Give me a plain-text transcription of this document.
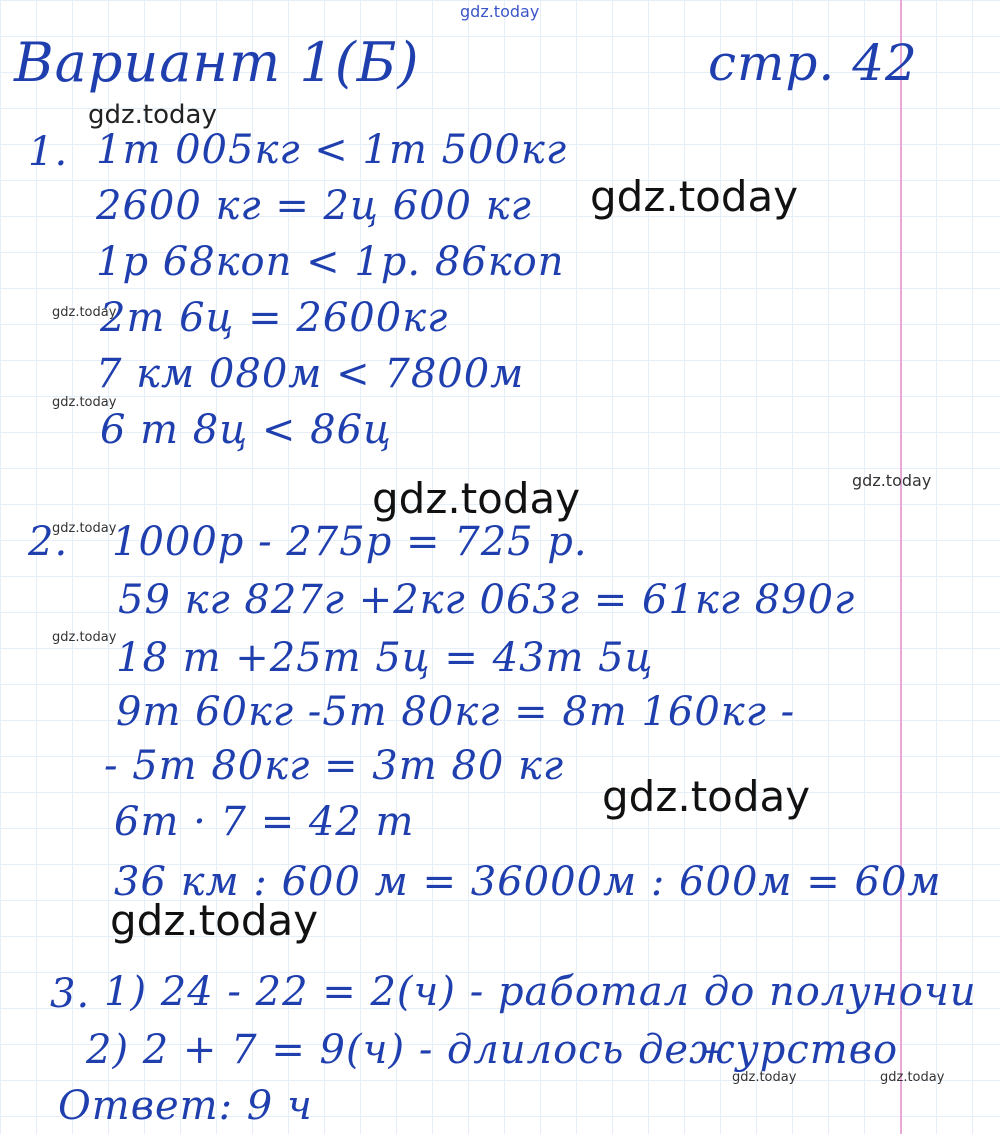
Вариант 1(Б)	стр. 42
1. 1т 005кг < 1т 500кг
2600 кг = 2ц 600 кг
1р 68коп < 1р. 86коп
2т 6ц = 2600кг
7 км 080м < 7800м
6 т 8ц < 86ц
2. 1000р - 275р = 725 р.
59 кг 827г +2кг 063г = 61кг 890г
18 т +25т 5ц = 43т 5ц
9т 60кг -5т 80кг = 8т 160кг -
- 5т 80кг = 3т 80 кг
6т · 7 = 42 т
36 км : 600 м = 36000м : 600м = 60м
3. 1) 24 - 22 = 2(ч) - работал до полуночи
2) 2 + 7 = 9(ч) - длилось дежурство
Ответ: 9 ч
gdz.today
gdz.today
gdz.today
gdz.today
gdz.today
gdz.today	gdz.today
gdz.today
gdz.today
gdz.today
gdz.today
gdz.today	gdz.today
